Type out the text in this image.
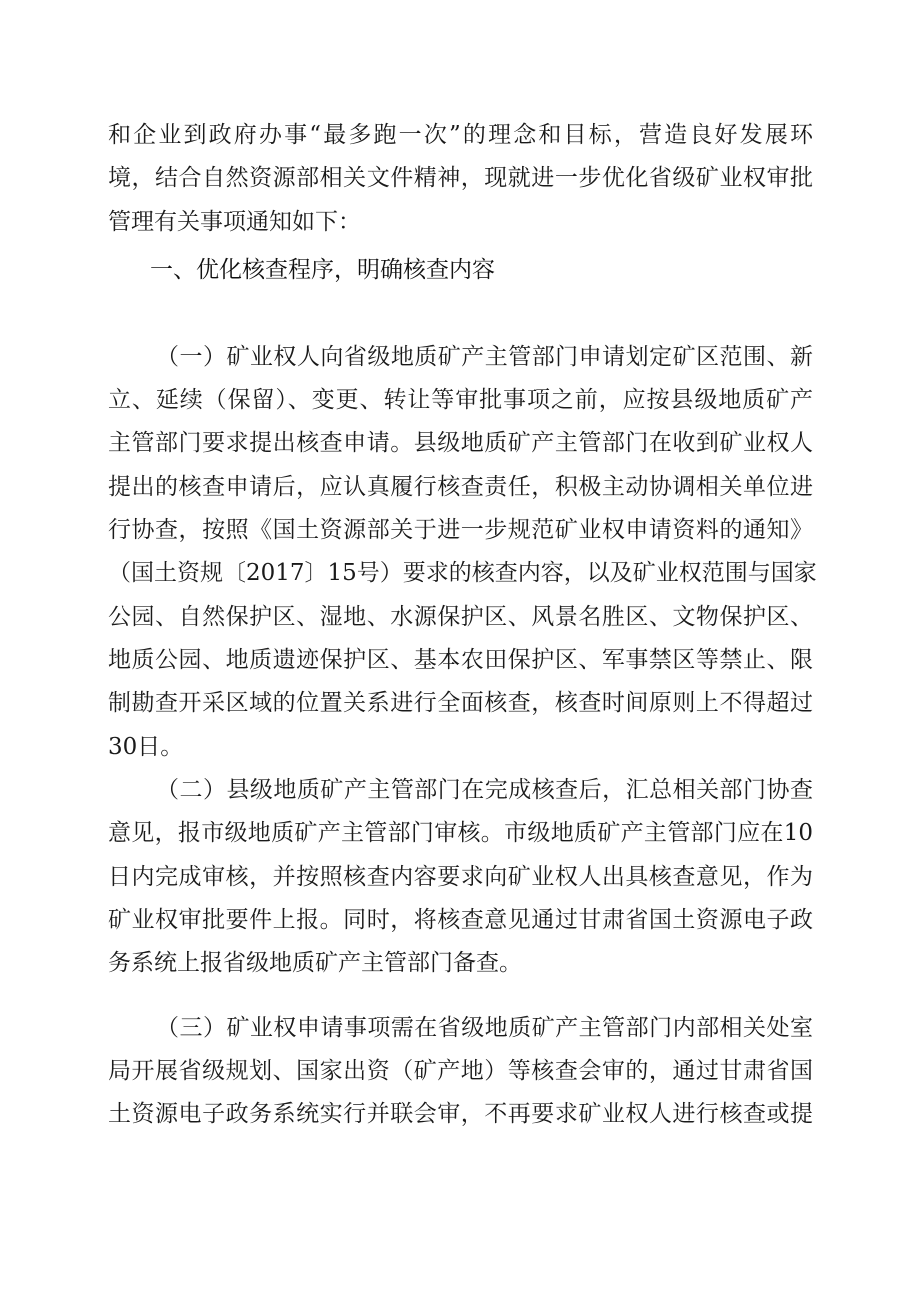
和企业到政府办事“最多跑一次”的理念和目标，营造良好发展环
境，结合自然资源部相关文件精神，现就进一步优化省级矿业权审批
管理有关事项通知如下：
一、优化核查程序，明确核查内容
（一）矿业权人向省级地质矿产主管部门申请划定矿区范围、新
立、延续（保留）、变更、转让等审批事项之前，应按县级地质矿产
主管部门要求提出核查申请。县级地质矿产主管部门在收到矿业权人
提出的核查申请后，应认真履行核查责任，积极主动协调相关单位进
行协查，按照《国土资源部关于进一步规范矿业权申请资料的通知》
（国土资规〔2017〕15号）要求的核查内容，以及矿业权范围与国家
公园、自然保护区、湿地、水源保护区、风景名胜区、文物保护区、
地质公园、地质遗迹保护区、基本农田保护区、军事禁区等禁止、限
制勘查开采区域的位置关系进行全面核查，核查时间原则上不得超过
30日。
（二）县级地质矿产主管部门在完成核查后，汇总相关部门协查
意见，报市级地质矿产主管部门审核。市级地质矿产主管部门应在10
日内完成审核，并按照核查内容要求向矿业权人出具核查意见，作为
矿业权审批要件上报。同时，将核查意见通过甘肃省国土资源电子政
务系统上报省级地质矿产主管部门备查。
（三）矿业权申请事项需在省级地质矿产主管部门内部相关处室
局开展省级规划、国家出资（矿产地）等核查会审的，通过甘肃省国
土资源电子政务系统实行并联会审，不再要求矿业权人进行核查或提
